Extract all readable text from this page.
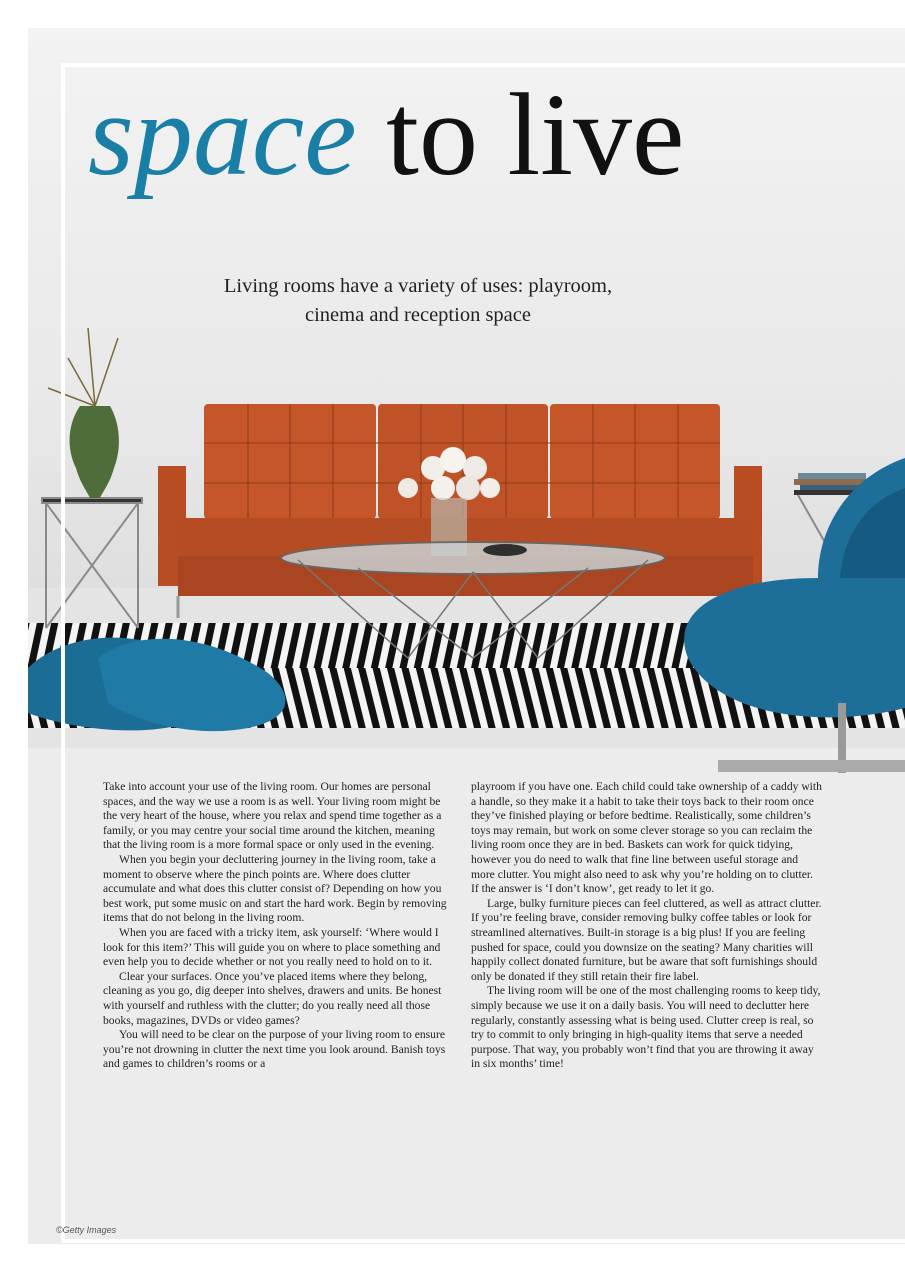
space to live
Living rooms have a variety of uses: playroom, cinema and reception space

Take into account your use of the living room. Our homes are personal spaces, and the way we use a room is as well. Your living room might be the very heart of the house, where you relax and spend time together as a family, or you may centre your social time around the kitchen, meaning that the living room is a more formal space or only used in the evening.

When you begin your decluttering journey in the living room, take a moment to observe where the pinch points are. Where does clutter accumulate and what does this clutter consist of? Depending on how you best work, put some music on and start the hard work. Begin by removing items that do not belong in the living room.

When you are faced with a tricky item, ask yourself: ‘Where would I look for this item?’ This will guide you on where to place something and even help you to decide whether or not you really need to hold on to it.

Clear your surfaces. Once you’ve placed items where they belong, cleaning as you go, dig deeper into shelves, drawers and units. Be honest with yourself and ruthless with the clutter; do you really need all those books, magazines, DVDs or video games?

You will need to be clear on the purpose of your living room to ensure you’re not drowning in clutter the next time you look around. Banish toys and games to children’s rooms or a

playroom if you have one. Each child could take ownership of a caddy with a handle, so they make it a habit to take their toys back to their room once they’ve finished playing or before bedtime. Realistically, some children’s toys may remain, but work on some clever storage so you can reclaim the living room once they are in bed. Baskets can work for quick tidying, however you do need to walk that fine line between useful storage and more clutter. You might also need to ask why you’re holding on to clutter. If the answer is ‘I don’t know’, get ready to let it go.

Large, bulky furniture pieces can feel cluttered, as well as attract clutter. If you’re feeling brave, consider removing bulky coffee tables or look for streamlined alternatives. Built-in storage is a big plus! If you are feeling pushed for space, could you downsize on the seating? Many charities will happily collect donated furniture, but be aware that soft furnishings should only be donated if they still retain their fire label.

The living room will be one of the most challenging rooms to keep tidy, simply because we use it on a daily basis. You will need to declutter here regularly, constantly assessing what is being used. Clutter creep is real, so try to commit to only bringing in high-quality items that serve a needed purpose. That way, you probably won’t find that you are throwing it away in six months’ time!

©Getty Images
